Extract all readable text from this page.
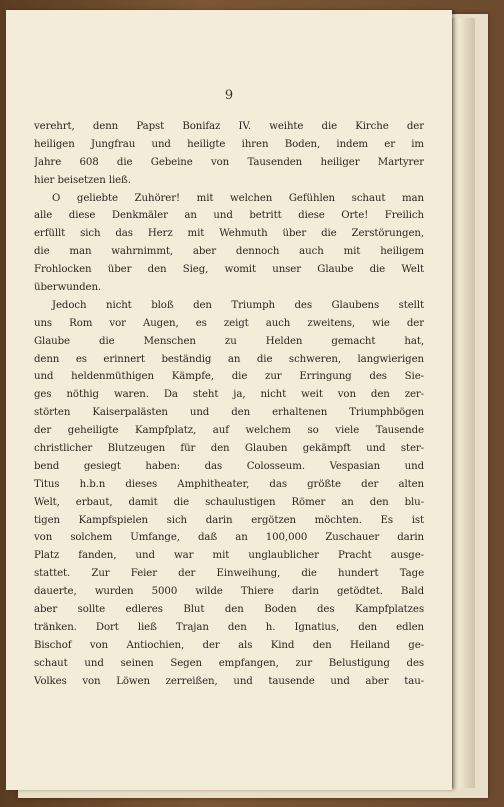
9
verehrt, denn Papst Bonifaz IV. weihte die Kirche der
heiligen Jungfrau und heiligte ihren Boden, indem er im
Jahre 608 die Gebeine von Tausenden heiliger Martyrer
hier beisetzen ließ.
O geliebte Zuhörer! mit welchen Gefühlen schaut man
alle diese Denkmäler an und betritt diese Orte! Freilich
erfüllt sich das Herz mit Wehmuth über die Zerstörungen,
die man wahrnimmt, aber dennoch auch mit heiligem
Frohlocken über den Sieg, womit unser Glaube die Welt
überwunden.
Jedoch nicht bloß den Triumph des Glaubens stellt
uns Rom vor Augen, es zeigt auch zweitens, wie der
Glaube die Menschen zu Helden gemacht hat,
denn es erinnert beständig an die schweren, langwierigen
und heldenmüthigen Kämpfe, die zur Erringung des Sie-
ges nöthig waren. Da steht ja, nicht weit von den zer-
störten Kaiserpalästen und den erhaltenen Triumphbögen
der geheiligte Kampfplatz, auf welchem so viele Tausende
christlicher Blutzeugen für den Glauben gekämpft und ster-
bend gesiegt haben: das Colosseum. Vespasian und
Titus h.b.n dieses Amphitheater, das größte der alten
Welt, erbaut, damit die schaulustigen Römer an den blu-
tigen Kampfspielen sich darin ergötzen möchten. Es ist
von solchem Umfange, daß an 100,000 Zuschauer darin
Platz fanden, und war mit unglaublicher Pracht ausge-
stattet. Zur Feier der Einweihung, die hundert Tage
dauerte, wurden 5000 wilde Thiere darin getödtet. Bald
aber sollte edleres Blut den Boden des Kampfplatzes
tränken. Dort ließ Trajan den h. Ignatius, den edlen
Bischof von Antiochien, der als Kind den Heiland ge-
schaut und seinen Segen empfangen, zur Belustigung des
Volkes von Löwen zerreißen, und tausende und aber tau-
